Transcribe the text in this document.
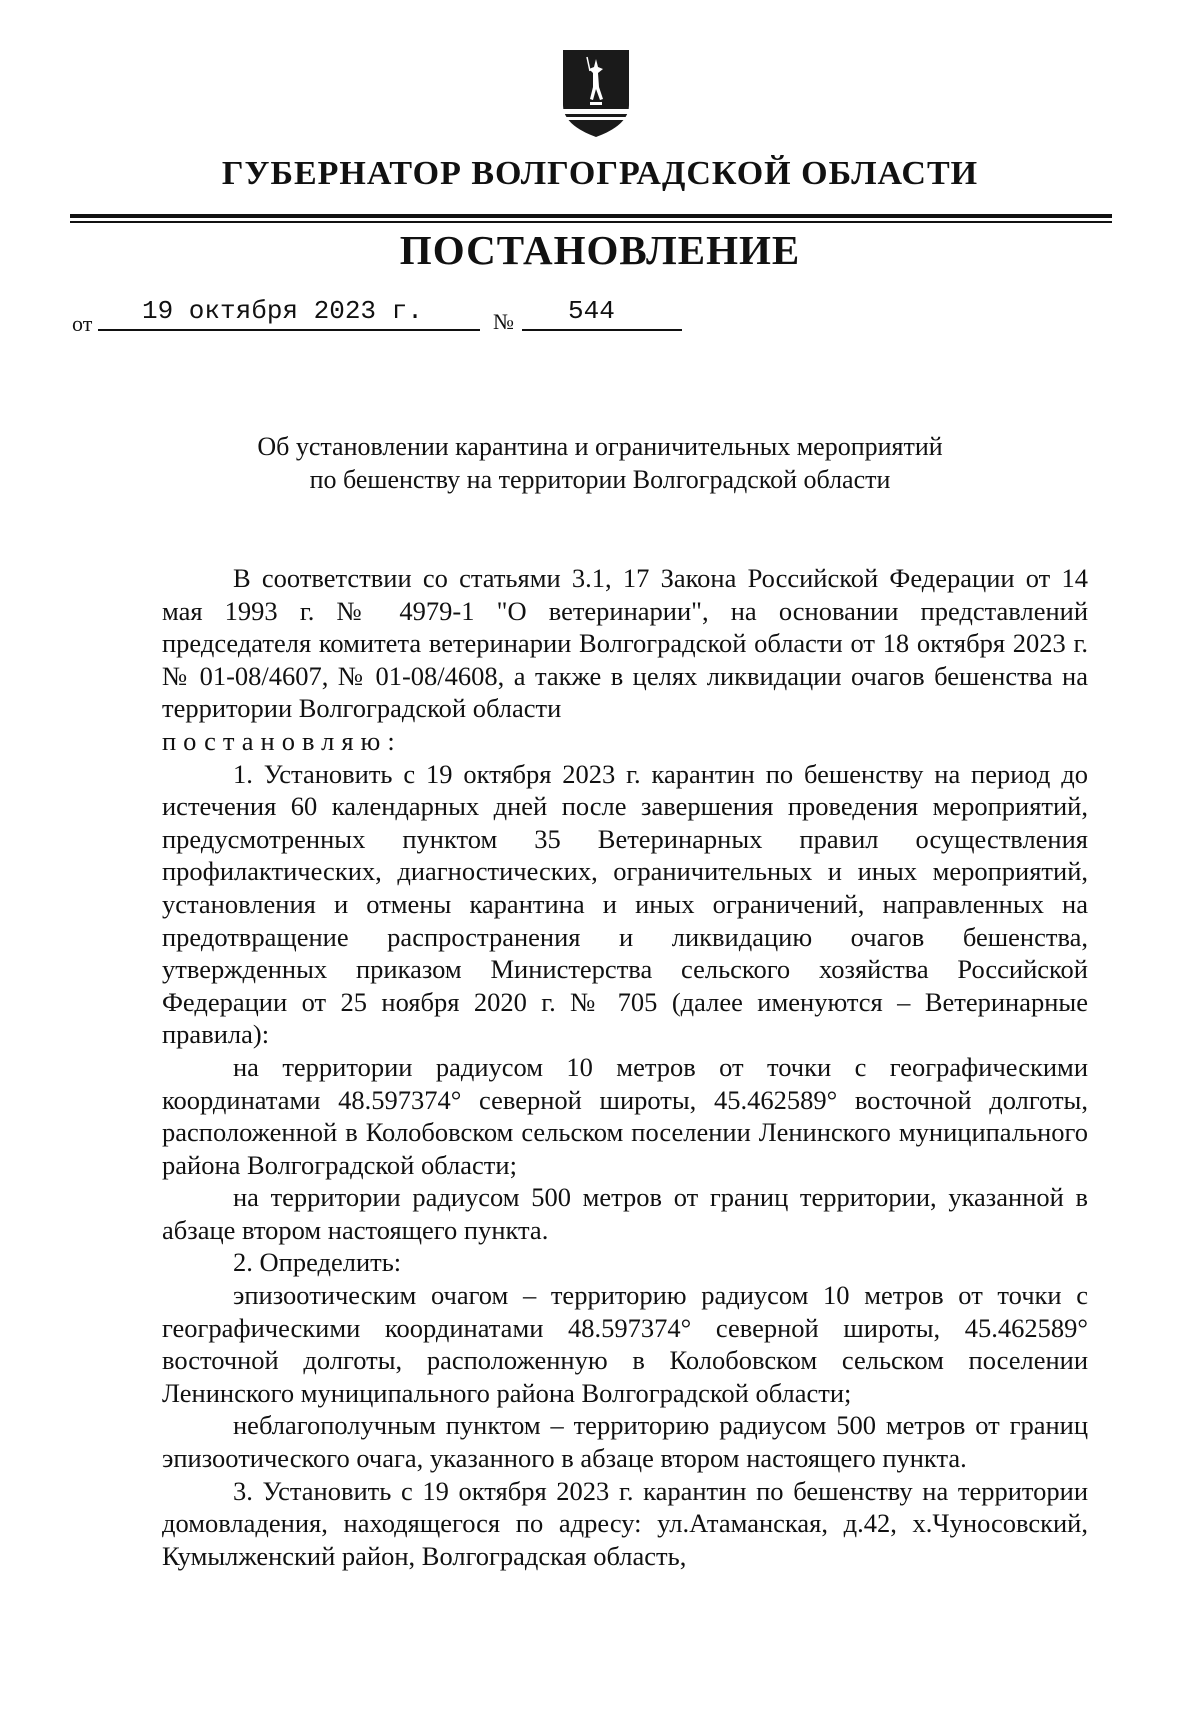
ГУБЕРНАТОР ВОЛГОГРАДСКОЙ ОБЛАСТИ
ПОСТАНОВЛЕНИЕ
от 19 октября 2023 г.	№ 544
Об установлении карантина и ограничительных мероприятий
по бешенству на территории Волгоградской области

В соответствии со статьями 3.1, 17 Закона Российской Федерации от 14 мая 1993 г. № 4979-1 "О ветеринарии", на основании представлений председателя комитета ветеринарии Волгоградской области от 18 октября 2023 г. № 01-08/4607, № 01-08/4608, а также в целях ликвидации очагов бешенства на территории Волгоградской области

постановляю:

1. Установить с 19 октября 2023 г. карантин по бешенству на период до истечения 60 календарных дней после завершения проведения мероприятий, предусмотренных пунктом 35 Ветеринарных правил осуществления профилактических, диагностических, ограничительных и иных мероприятий, установления и отмены карантина и иных ограничений, направленных на предотвращение распространения и ликвидацию очагов бешенства, утвержденных приказом Министерства сельского хозяйства Российской Федерации от 25 ноября 2020 г. № 705 (далее именуются – Ветеринарные правила):

на территории радиусом 10 метров от точки с географическими координатами 48.597374° северной широты, 45.462589° восточной долготы, расположенной в Колобовском сельском поселении Ленинского муниципального района Волгоградской области;

на территории радиусом 500 метров от границ территории, указанной в абзаце втором настоящего пункта.

2. Определить:

эпизоотическим очагом – территорию радиусом 10 метров от точки с географическими координатами 48.597374° северной широты, 45.462589° восточной долготы, расположенную в Колобовском сельском поселении Ленинского муниципального района Волгоградской области;

неблагополучным пунктом – территорию радиусом 500 метров от границ эпизоотического очага, указанного в абзаце втором настоящего пункта.

3. Установить с 19 октября 2023 г. карантин по бешенству на территории домовладения, находящегося по адресу: ул.Атаманская, д.42, х.Чуносовский, Кумылженский район, Волгоградская область,
